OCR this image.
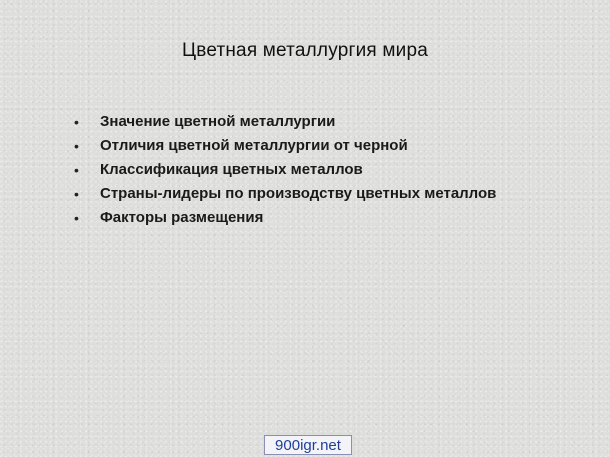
Цветная металлургия мира
• Значение цветной металлургии
• Отличия цветной металлургии от черной
• Классификация цветных металлов
• Страны-лидеры по производству цветных металлов
• Факторы размещения
900igr.net
